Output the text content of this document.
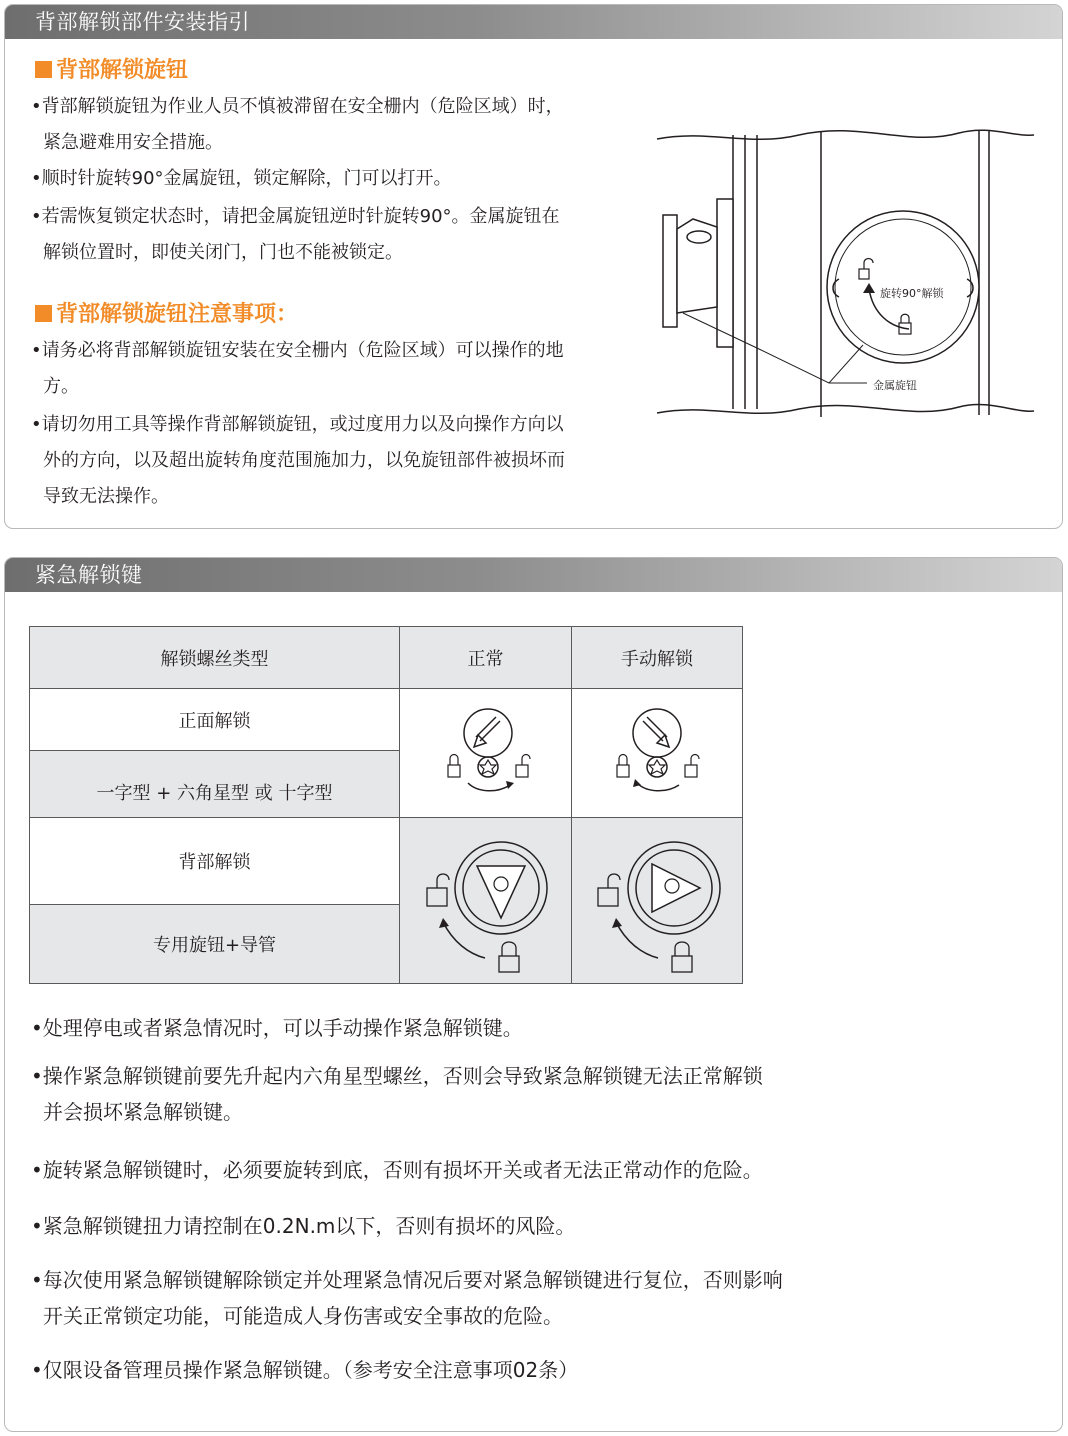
背部解锁部件安装指引
背部解锁旋钮
•背部解锁旋钮为作业人员不慎被滞留在安全栅内（危险区域）时，
紧急避难用安全措施。
•顺时针旋转90°金属旋钮，锁定解除，门可以打开。
•若需恢复锁定状态时，请把金属旋钮逆时针旋转90°。金属旋钮在
解锁位置时，即使关闭门，门也不能被锁定。
背部解锁旋钮注意事项：
•请务必将背部解锁旋钮安装在安全栅内（危险区域）可以操作的地
方。
•请切勿用工具等操作背部解锁旋钮，或过度用力以及向操作方向以
外的方向，以及超出旋转角度范围施加力，以免旋钮部件被损坏而
导致无法操作。
旋转90°解锁
金属旋钮
紧急解锁键
解锁螺丝类型	正常	手动解锁
正面解锁
一字型 + 六角星型 或 十字型
背部解锁
专用旋钮+导管
•处理停电或者紧急情况时，可以手动操作紧急解锁键。
•操作紧急解锁键前要先升起内六角星型螺丝，否则会导致紧急解锁键无法正常解锁
并会损坏紧急解锁键。
•旋转紧急解锁键时，必须要旋转到底，否则有损坏开关或者无法正常动作的危险。
•紧急解锁键扭力请控制在0.2N.m以下，否则有损坏的风险。
•每次使用紧急解锁键解除锁定并处理紧急情况后要对紧急解锁键进行复位，否则影响
开关正常锁定功能，可能造成人身伤害或安全事故的危险。
•仅限设备管理员操作紧急解锁键。（参考安全注意事项02条）
